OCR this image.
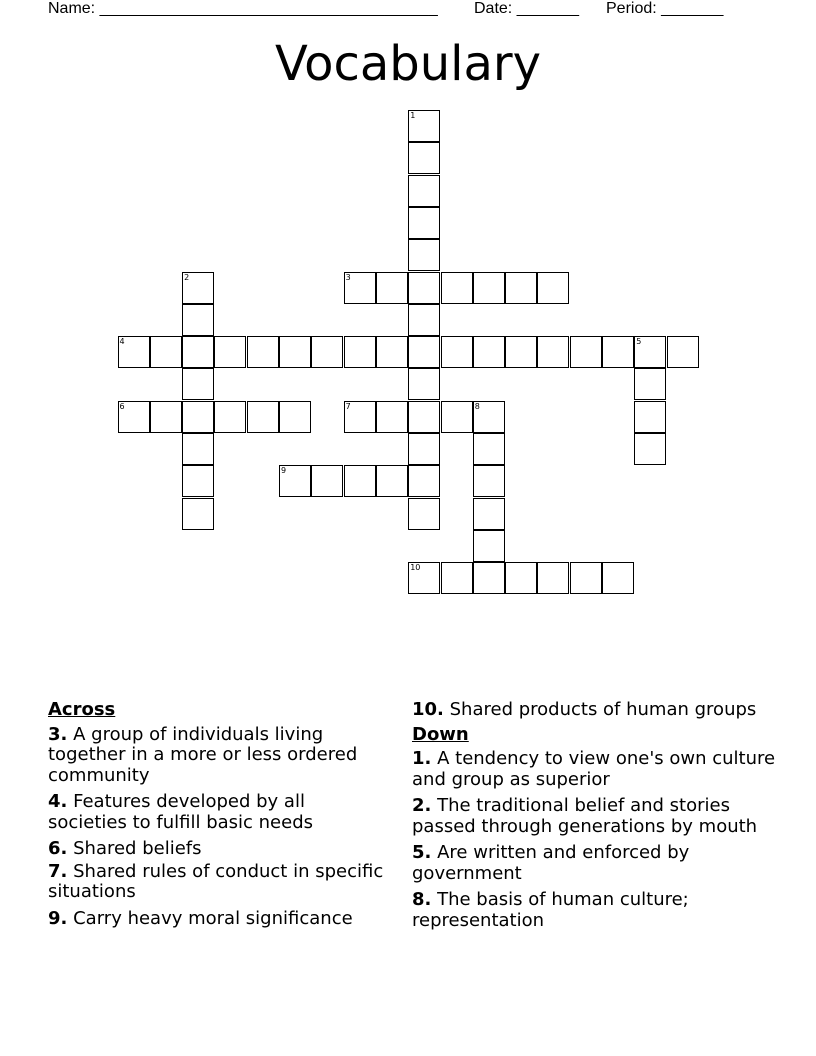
Name: ______________________________________ Date: _______ Period: _______
Vocabulary
1
2	3
4	5
6	7	8
9
10
Across
3. A group of individuals living together in a more or less ordered community
4. Features developed by all societies to fulfill basic needs
6. Shared beliefs
7. Shared rules of conduct in specific situations
9. Carry heavy moral significance
10. Shared products of human groups
Down
1. A tendency to view one's own culture and group as superior
2. The traditional belief and stories passed through generations by mouth
5. Are written and enforced by government
8. The basis of human culture; representation
